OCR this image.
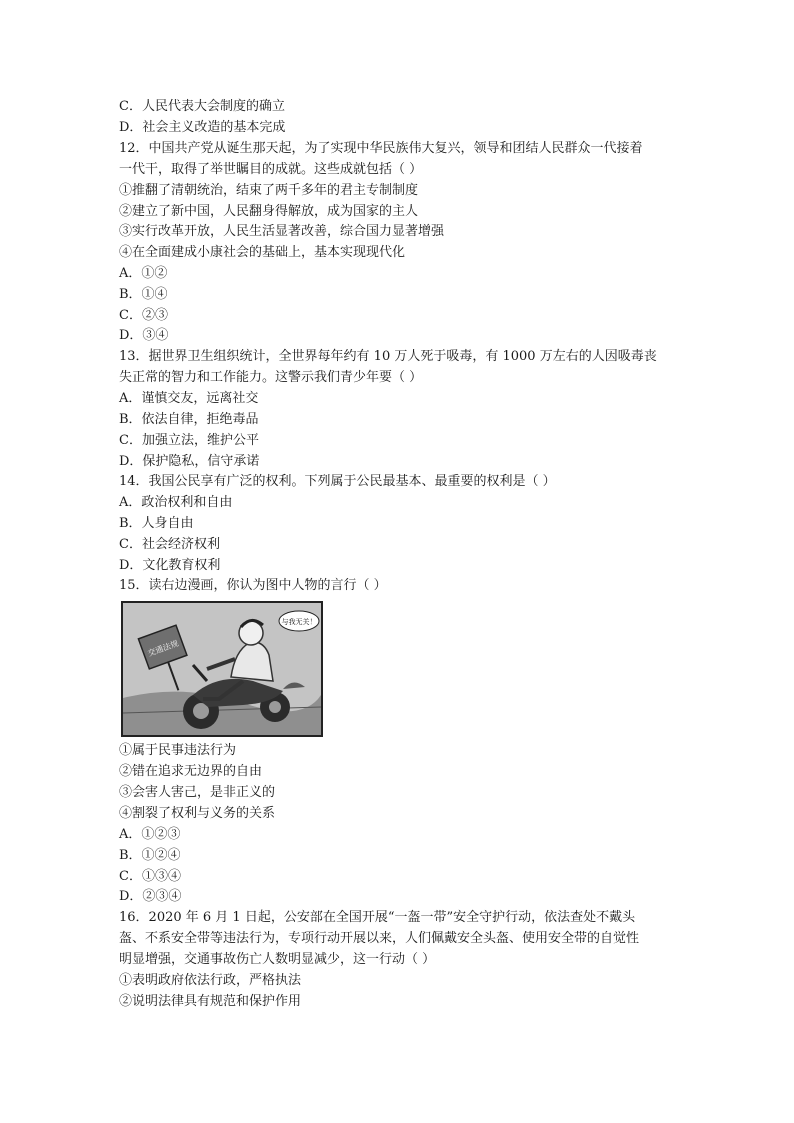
C．人民代表大会制度的确立
D．社会主义改造的基本完成
12．中国共产党从诞生那天起，为了实现中华民族伟大复兴，领导和团结人民群众一代接着
一代干，取得了举世瞩目的成就。这些成就包括（ ）
①推翻了清朝统治，结束了两千多年的君主专制制度
②建立了新中国，人民翻身得解放，成为国家的主人
③实行改革开放，人民生活显著改善，综合国力显著增强
④在全面建成小康社会的基础上，基本实现现代化
A．①②
B．①④
C．②③
D．③④
13．据世界卫生组织统计，全世界每年约有 10 万人死于吸毒，有 1000 万左右的人因吸毒丧
失正常的智力和工作能力。这警示我们青少年要（ ）
A．谨慎交友，远离社交
B．依法自律，拒绝毒品
C．加强立法，维护公平
D．保护隐私，信守承诺
14．我国公民享有广泛的权利。下列属于公民最基本、最重要的权利是（ ）
A．政治权利和自由
B．人身自由
C．社会经济权利
D．文化教育权利
15．读右边漫画，你认为图中人物的言行（ ）
交通法规
与我无关！
①属于民事违法行为
②错在追求无边界的自由
③会害人害己，是非正义的
④割裂了权利与义务的关系
A．①②③
B．①②④
C．①③④
D．②③④
16．2020 年 6 月 1 日起，公安部在全国开展“一盔一带”安全守护行动，依法查处不戴头
盔、不系安全带等违法行为，专项行动开展以来，人们佩戴安全头盔、使用安全带的自觉性
明显增强，交通事故伤亡人数明显减少，这一行动（ ）
①表明政府依法行政，严格执法
②说明法律具有规范和保护作用
